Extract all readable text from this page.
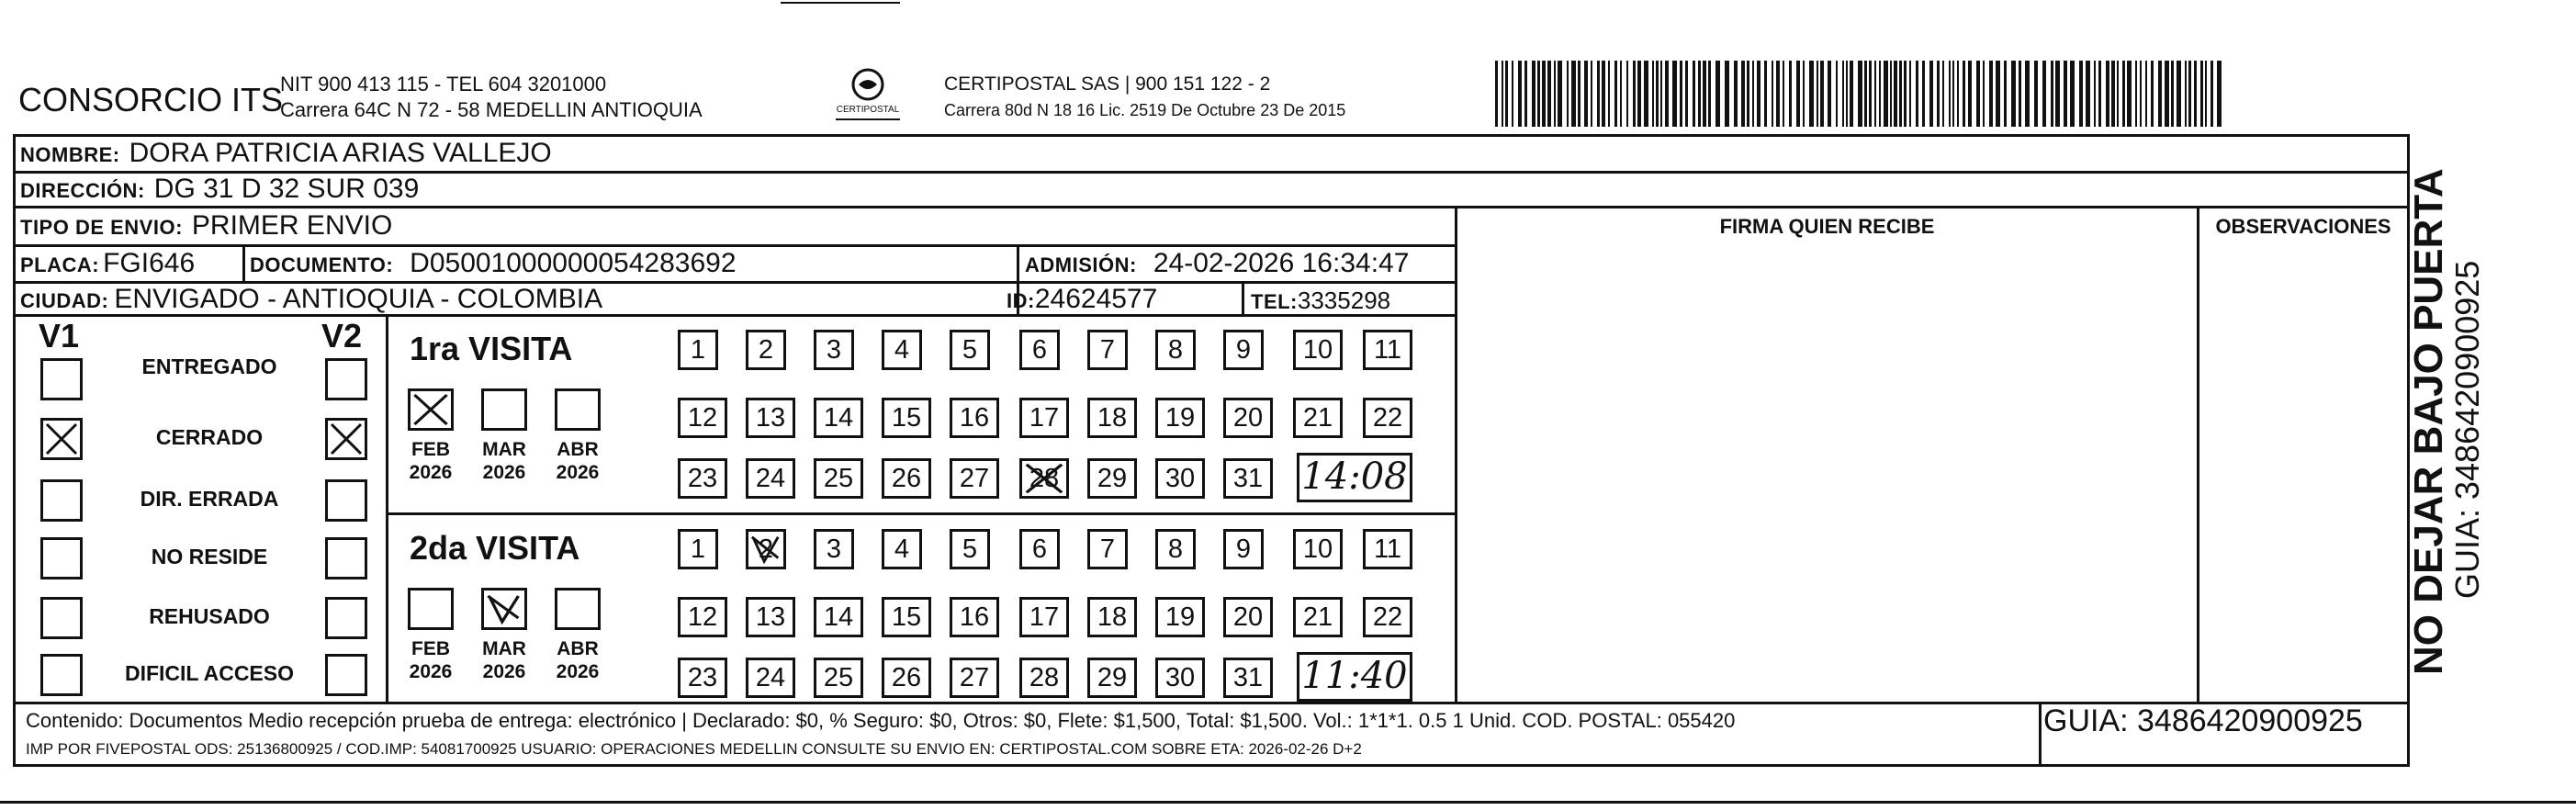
CONSORCIO ITS
NIT 900 413 115 - TEL 604 3201000
Carrera 64C N 72 - 58 MEDELLIN ANTIOQUIA	CERTIPOSTAL
CERTIPOSTAL SAS | 900 151 122 - 2
Carrera 80d N 18 16 Lic. 2519 De Octubre 23 De 2015
NOMBRE: DORA PATRICIA ARIAS VALLEJO
DIRECCIÓN: DG 31 D 32 SUR 039
TIPO DE ENVIO: PRIMER ENVIO	FIRMA QUIEN RECIBE	OBSERVACIONES
PLACA: FGI646	DOCUMENTO: D05001000000054283692	ADMISIÓN: 24-02-2026 16:34:47
CIUDAD: ENVIGADO - ANTIOQUIA - COLOMBIA	ID: 24624577	TEL: 3335298
V1	V2
ENTREGADO
CERRADO
DIR. ERRADA
NO RESIDE
REHUSADO
DIFICIL ACCESO
1ra VISITA
FEB
2026
MAR
2026
ABR
2026
1	2	3	4	5	6	7	8	9	10	11
12	13	14	15	16	17	18	19	20	21	22
23	24	25	26	27	28	29	30	31 14:08
2da VISITA
FEB
2026
MAR
2026
ABR
2026
1	2	3	4	5	6	7	8	9	10	11
12	13	14	15	16	17	18	19	20	21	22
23	24	25	26	27	28	29	30	31 11:40
Contenido: Documentos Medio recepción prueba de entrega: electrónico | Declarado: $0, % Seguro: $0, Otros: $0, Flete: $1,500, Total: $1,500. Vol.: 1*1*1. 0.5 1 Unid. COD. POSTAL: 055420
IMP POR FIVEPOSTAL ODS: 25136800925 / COD.IMP: 54081700925 USUARIO: OPERACIONES MEDELLIN CONSULTE SU ENVIO EN: CERTIPOSTAL.COM SOBRE ETA: 2026-02-26 D+2
GUIA: 3486420900925
NO DEJAR BAJO PUERTA
GUIA: 3486420900925
